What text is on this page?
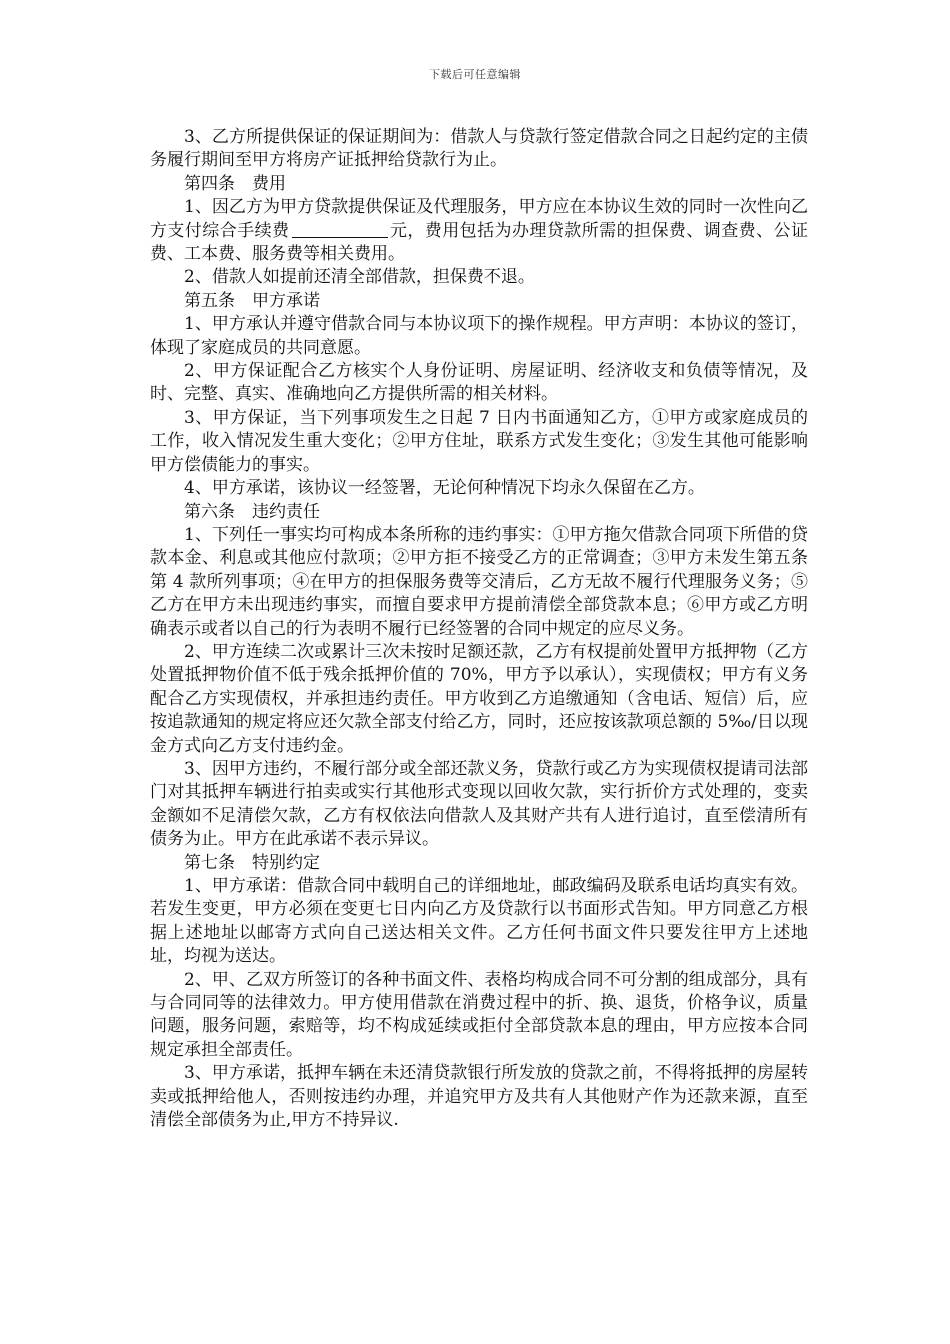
下载后可任意编辑

3、乙方所提供保证的保证期间为：借款人与贷款行签定借款合同之日起约定的主债务履行期间至甲方将房产证抵押给贷款行为止。

第四条　费用

1、因乙方为甲方贷款提供保证及代理服务，甲方应在本协议生效的同时一次性向乙方支付综合手续费	元，费用包括为办理贷款所需的担保费、调查费、公证费、工本费、服务费等相关费用。

2、借款人如提前还清全部借款，担保费不退。

第五条　甲方承诺

1、甲方承认并遵守借款合同与本协议项下的操作规程。甲方声明：本协议的签订，体现了家庭成员的共同意愿。

2、甲方保证配合乙方核实个人身份证明、房屋证明、经济收支和负债等情况，及时、完整、真实、准确地向乙方提供所需的相关材料。

3、甲方保证，当下列事项发生之日起 7 日内书面通知乙方，①甲方或家庭成员的工作，收入情况发生重大变化；②甲方住址，联系方式发生变化；③发生其他可能影响甲方偿债能力的事实。

4、甲方承诺，该协议一经签署，无论何种情况下均永久保留在乙方。

第六条　违约责任

1、下列任一事实均可构成本条所称的违约事实：①甲方拖欠借款合同项下所借的贷款本金、利息或其他应付款项；②甲方拒不接受乙方的正常调查；③甲方未发生第五条第 4 款所列事项；④在甲方的担保服务费等交清后，乙方无故不履行代理服务义务；⑤乙方在甲方未出现违约事实，而擅自要求甲方提前清偿全部贷款本息；⑥甲方或乙方明确表示或者以自己的行为表明不履行已经签署的合同中规定的应尽义务。

2、甲方连续二次或累计三次未按时足额还款，乙方有权提前处置甲方抵押物（乙方处置抵押物价值不低于残余抵押价值的 70%，甲方予以承认），实现债权；甲方有义务配合乙方实现债权，并承担违约责任。甲方收到乙方追缴通知（含电话、短信）后，应按追款通知的规定将应还欠款全部支付给乙方，同时，还应按该款项总额的 5‰/日以现金方式向乙方支付违约金。

3、因甲方违约，不履行部分或全部还款义务，贷款行或乙方为实现债权提请司法部门对其抵押车辆进行拍卖或实行其他形式变现以回收欠款，实行折价方式处理的，变卖金额如不足清偿欠款，乙方有权依法向借款人及其财产共有人进行追讨，直至偿清所有债务为止。甲方在此承诺不表示异议。

第七条　特别约定

1、甲方承诺：借款合同中载明自己的详细地址，邮政编码及联系电话均真实有效。若发生变更，甲方必须在变更七日内向乙方及贷款行以书面形式告知。甲方同意乙方根据上述地址以邮寄方式向自己送达相关文件。乙方任何书面文件只要发往甲方上述地址，均视为送达。

2、甲、乙双方所签订的各种书面文件、表格均构成合同不可分割的组成部分，具有与合同同等的法律效力。甲方使用借款在消费过程中的折、换、退货，价格争议，质量问题，服务问题，索赔等，均不构成延续或拒付全部贷款本息的理由，甲方应按本合同规定承担全部责任。

3、甲方承诺，抵押车辆在未还清贷款银行所发放的贷款之前，不得将抵押的房屋转卖或抵押给他人，否则按违约办理，并追究甲方及共有人其他财产作为还款来源，直至清偿全部债务为止,甲方不持异议.
